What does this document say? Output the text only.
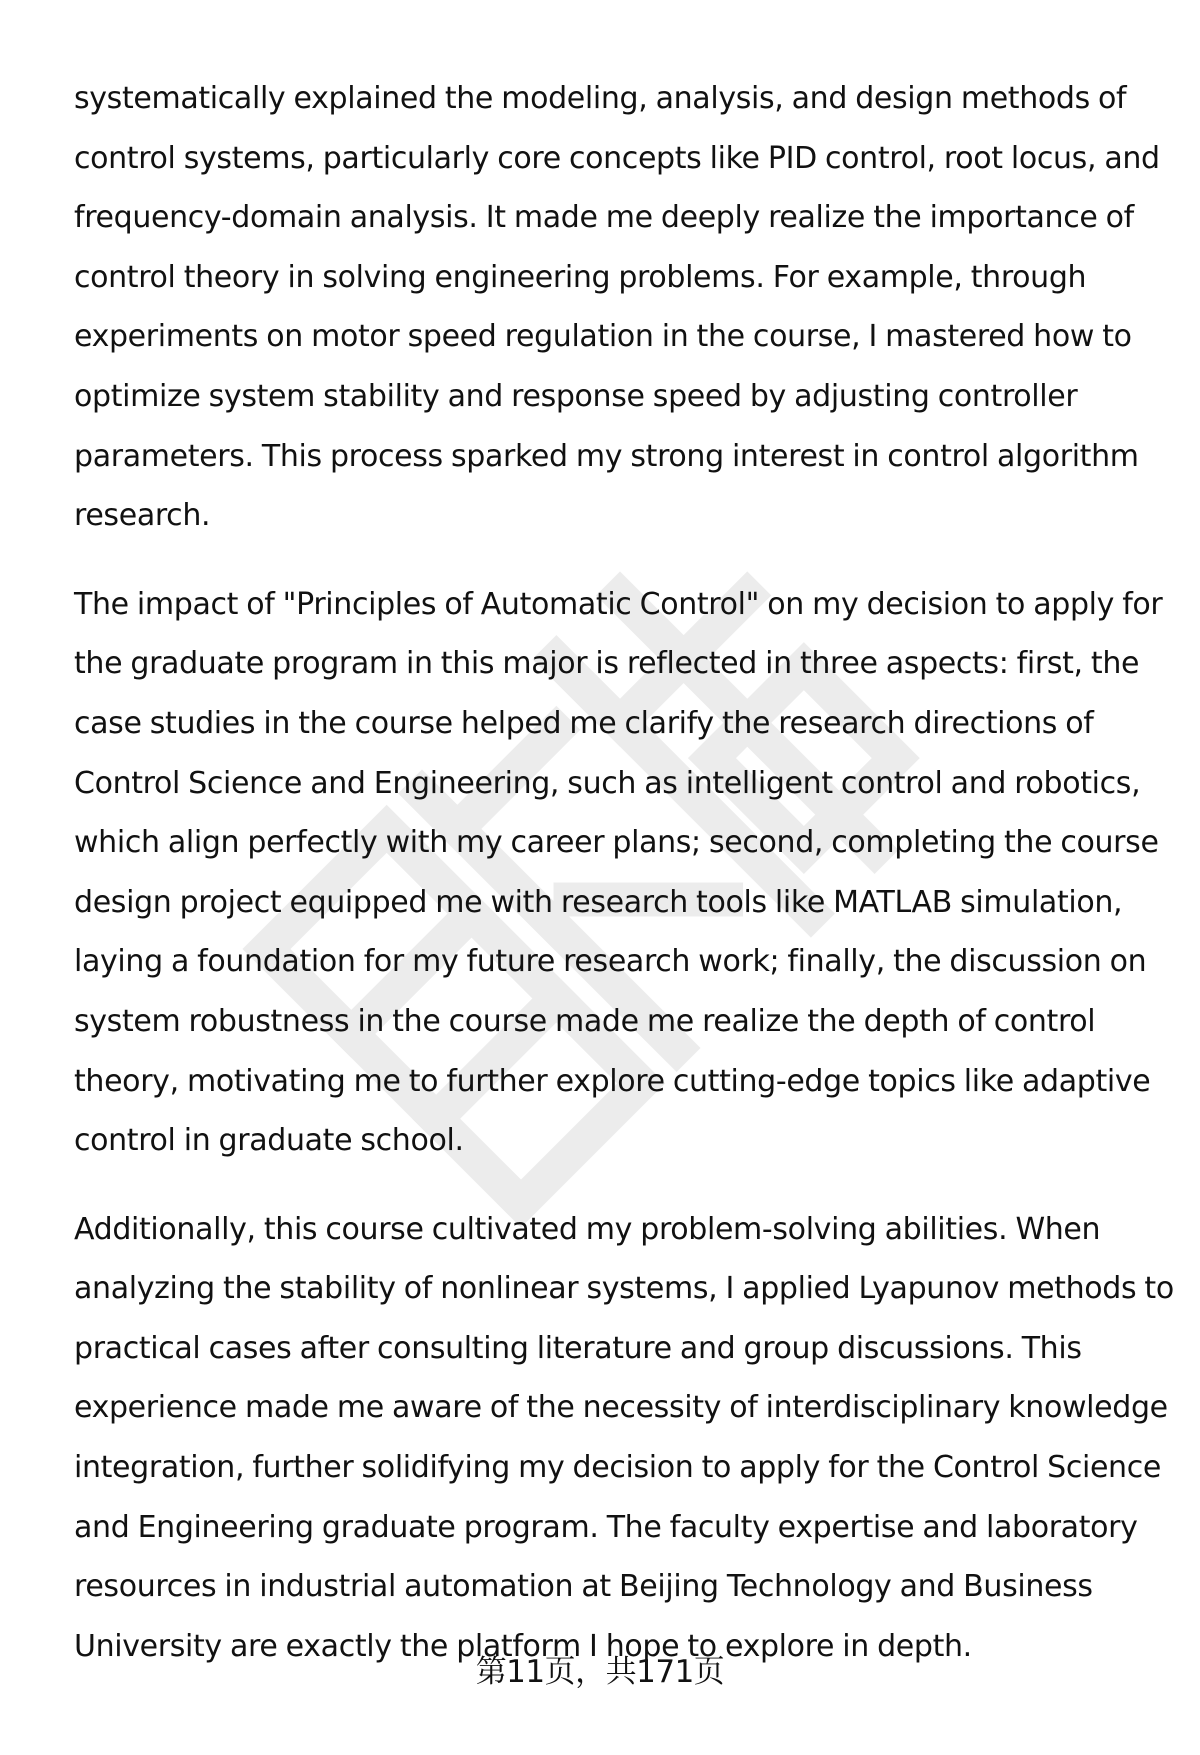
systematically explained the modeling, analysis, and design methods of
control systems, particularly core concepts like PID control, root locus, and
frequency-domain analysis. It made me deeply realize the importance of
control theory in solving engineering problems. For example, through
experiments on motor speed regulation in the course, I mastered how to
optimize system stability and response speed by adjusting controller
parameters. This process sparked my strong interest in control algorithm
research.

The impact of "Principles of Automatic Control" on my decision to apply for
the graduate program in this major is reflected in three aspects: first, the
case studies in the course helped me clarify the research directions of
Control Science and Engineering, such as intelligent control and robotics,
which align perfectly with my career plans; second, completing the course
design project equipped me with research tools like MATLAB simulation,
laying a foundation for my future research work; finally, the discussion on
system robustness in the course made me realize the depth of control
theory, motivating me to further explore cutting-edge topics like adaptive
control in graduate school.

Additionally, this course cultivated my problem-solving abilities. When
analyzing the stability of nonlinear systems, I applied Lyapunov methods to
practical cases after consulting literature and group discussions. This
experience made me aware of the necessity of interdisciplinary knowledge
integration, further solidifying my decision to apply for the Control Science
and Engineering graduate program. The faculty expertise and laboratory
resources in industrial automation at Beijing Technology and Business
University are exactly the platform I hope to explore in depth.

第11页，共171页
